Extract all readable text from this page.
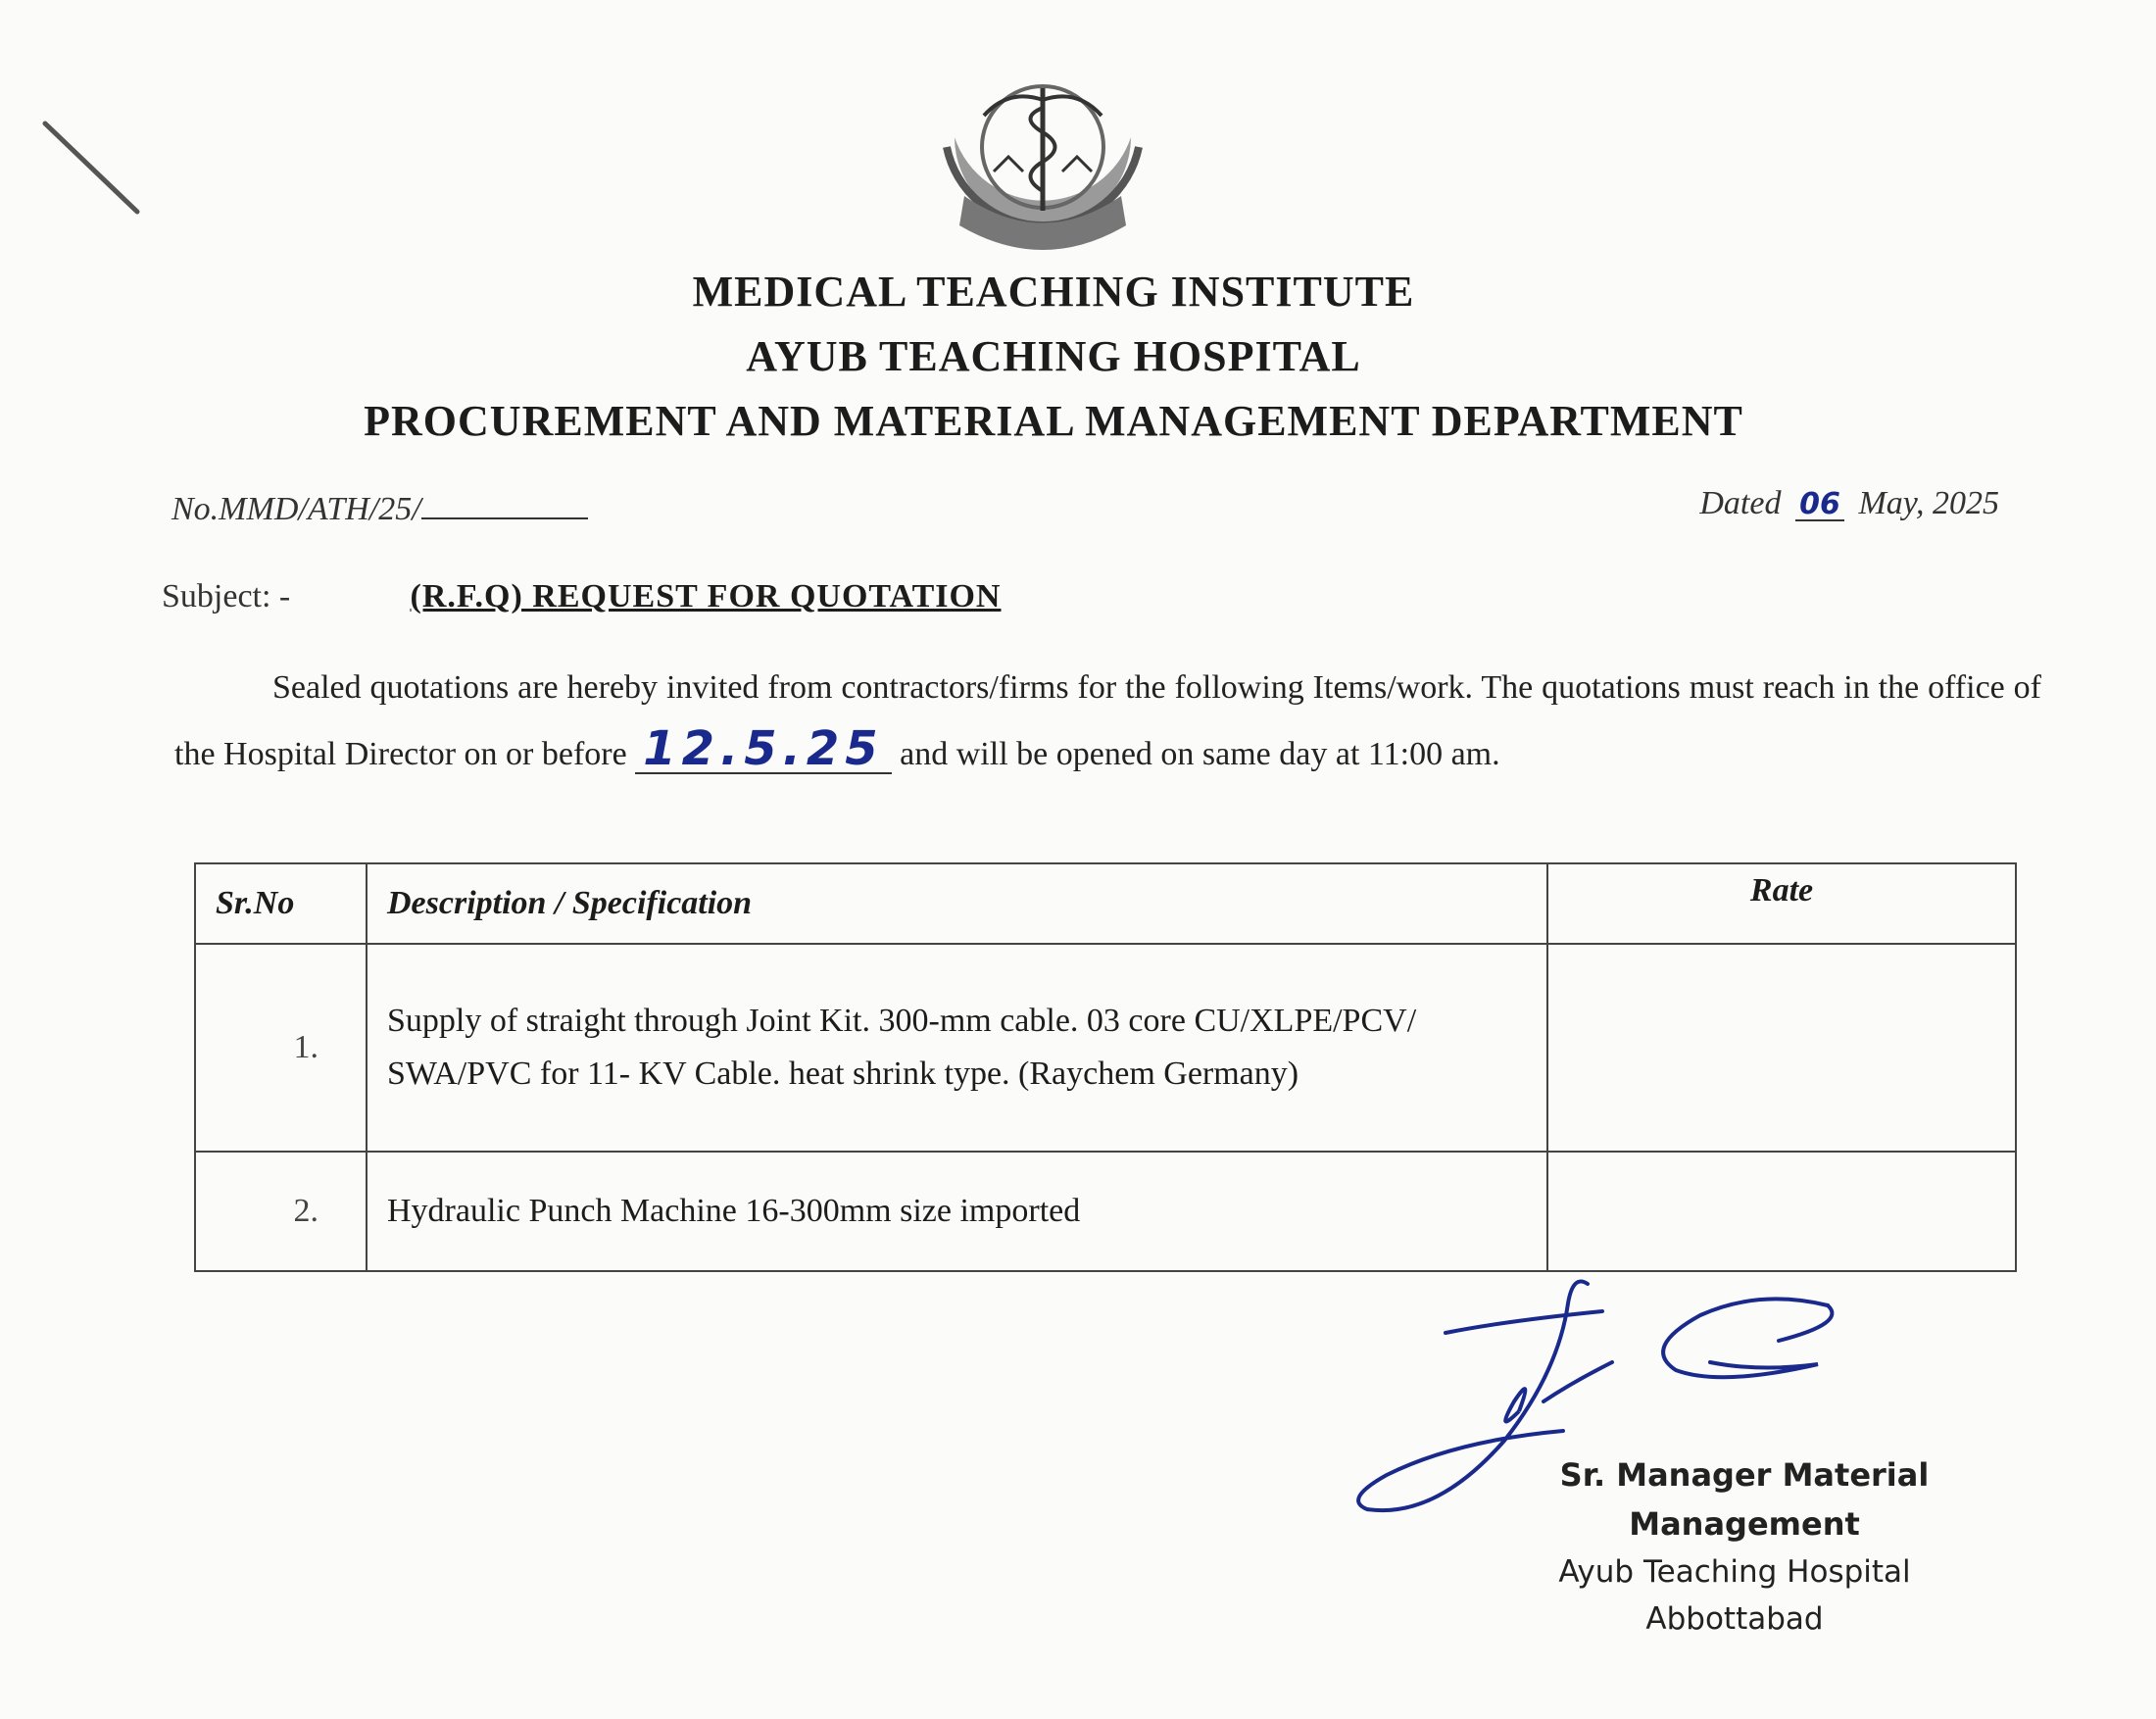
MEDICAL TEACHING INSTITUTE
AYUB TEACHING HOSPITAL
PROCUREMENT AND MATERIAL MANAGEMENT DEPARTMENT
No.MMD/ATH/25/	Dated 06 May, 2025
Subject: -	(R.F.Q) REQUEST FOR QUOTATION
Sealed quotations are hereby invited from contractors/firms for the following Items/work. The quotations must reach in the office of the Hospital Director on or before 12.5.25 and will be opened on same day at 11:00 am.
Sr.No	Description / Specification	Rate
1.	Supply of straight through Joint Kit. 300-mm cable. 03 core CU/XLPE/PCV/ SWA/PVC for 11- KV Cable. heat shrink type. (Raychem Germany)	
2.	Hydraulic Punch Machine 16-300mm size imported	
Sr. Manager Material Management
Ayub Teaching Hospital
Abbottabad
